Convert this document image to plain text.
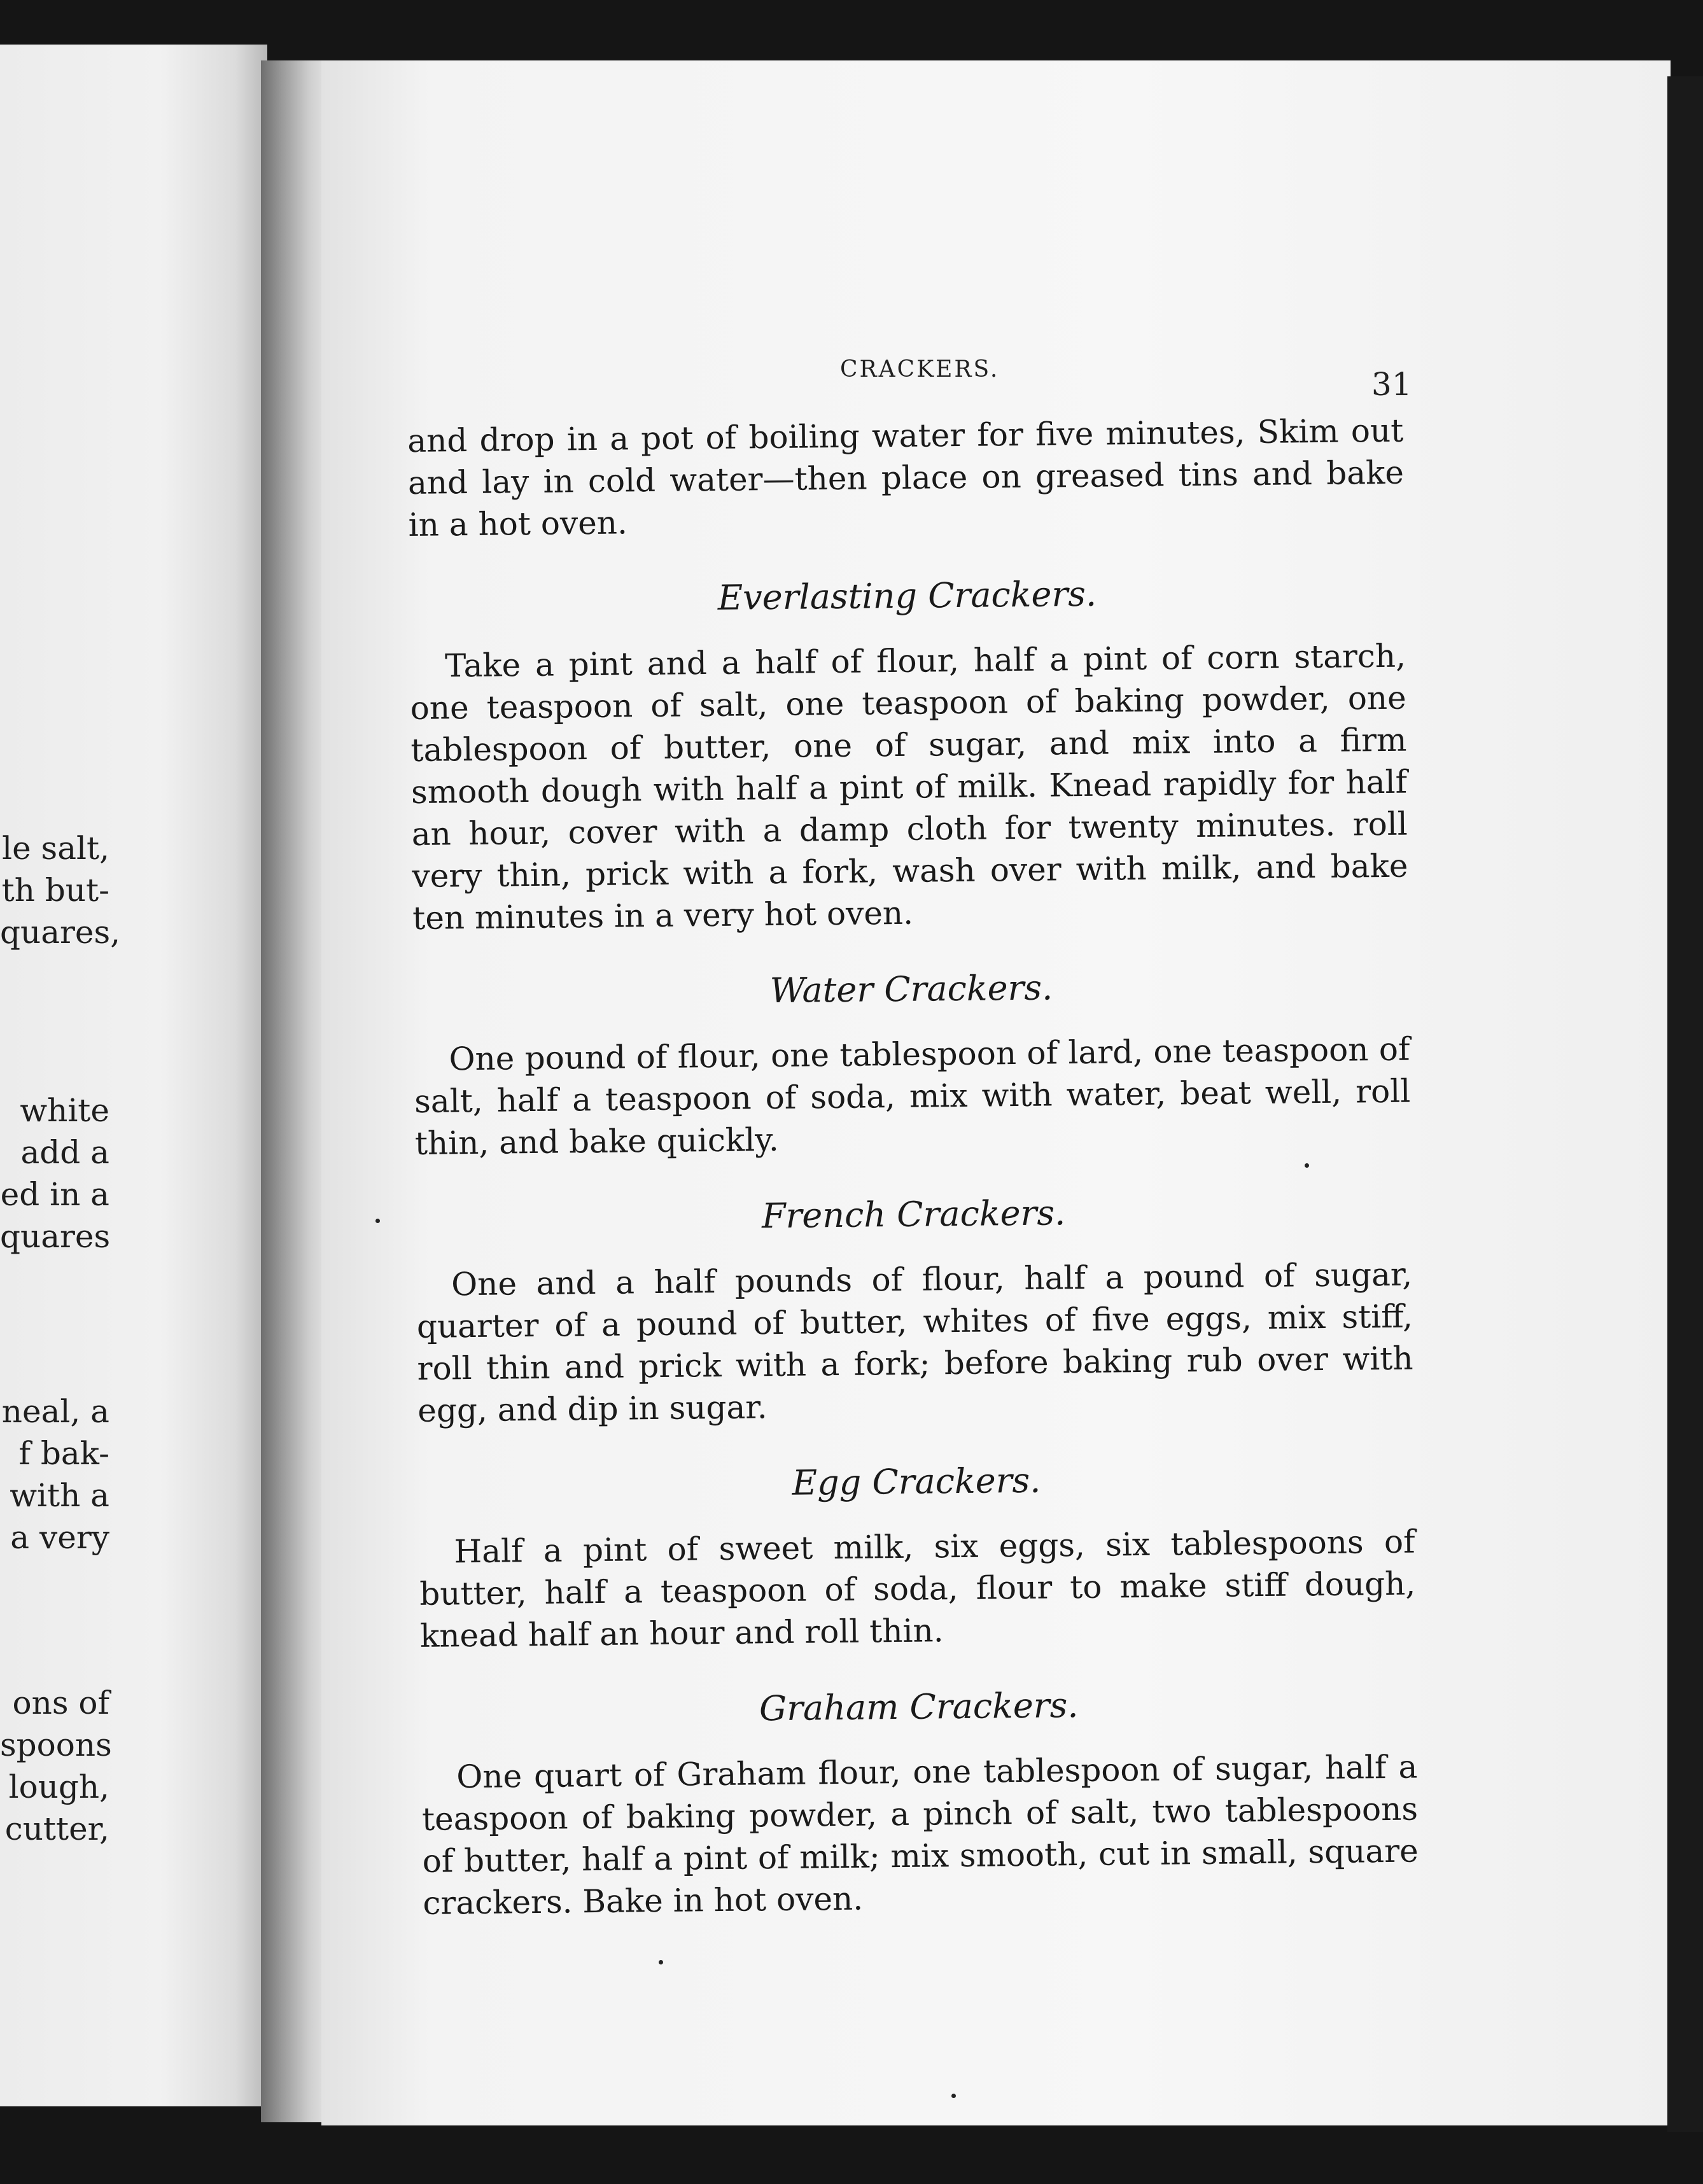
le salt,
th but-
quares,
white
add a
ed in a
quares
neal, a
f bak-
with a
a very
ons of
spoons
lough,
cutter,
CRACKERS.	31

and drop in a pot of boiling water for five minutes, Skim out and lay in cold water—then place on greased tins and bake in a hot oven.

Everlasting Crackers.

Take a pint and a half of flour, half a pint of corn starch, one teaspoon of salt, one teaspoon of baking powder, one tablespoon of butter, one of sugar, and mix into a firm smooth dough with half a pint of milk. Knead rapidly for half an hour, cover with a damp cloth for twenty minutes. roll very thin, prick with a fork, wash over with milk, and bake ten minutes in a very hot oven.

Water Crackers.

One pound of flour, one tablespoon of lard, one teaspoon of salt, half a teaspoon of soda, mix with water, beat well, roll thin, and bake quickly.

French Crackers.

One and a half pounds of flour, half a pound of sugar, quarter of a pound of butter, whites of five eggs, mix stiff, roll thin and prick with a fork; before baking rub over with egg, and dip in sugar.

Egg Crackers.

Half a pint of sweet milk, six eggs, six tablespoons of butter, half a teaspoon of soda, flour to make stiff dough, knead half an hour and roll thin.

Graham Crackers.

One quart of Graham flour, one tablespoon of sugar, half a teaspoon of baking powder, a pinch of salt, two tablespoons of butter, half a pint of milk; mix smooth, cut in small, square crackers. Bake in hot oven.
